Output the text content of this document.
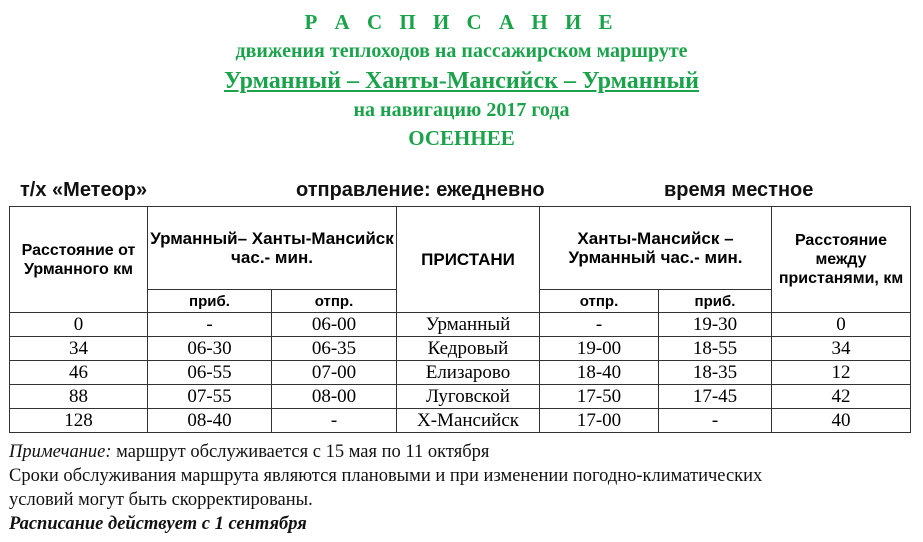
Р А С П И С А Н И Е
движения теплоходов на пассажирском маршруте
Урманный – Ханты-Мансийск – Урманный
на навигацию 2017 года
ОСЕННЕЕ
т/х «Метеор»	отправление: ежедневно	время местное
Расстояние от Урманного км	Урманный– Ханты-Мансийск час.- мин.		ПРИСТАНИ	Ханты-Мансийск – Урманный час.- мин.		Расстояние между пристанями, км
	приб.	отпр.		отпр.	приб.	
0	-	06-00	Урманный	-	19-30	0
34	06-30	06-35	Кедровый	19-00	18-55	34
46	06-55	07-00	Елизарово	18-40	18-35	12
88	07-55	08-00	Луговской	17-50	17-45	42
128	08-40	-	Х-Мансийск	17-00	-	40
Примечание: маршрут обслуживается с 15 мая по 11 октября
Сроки обслуживания маршрута являются плановыми и при изменении погодно-климатических
условий могут быть скорректированы.
Расписание действует с 1 сентября
